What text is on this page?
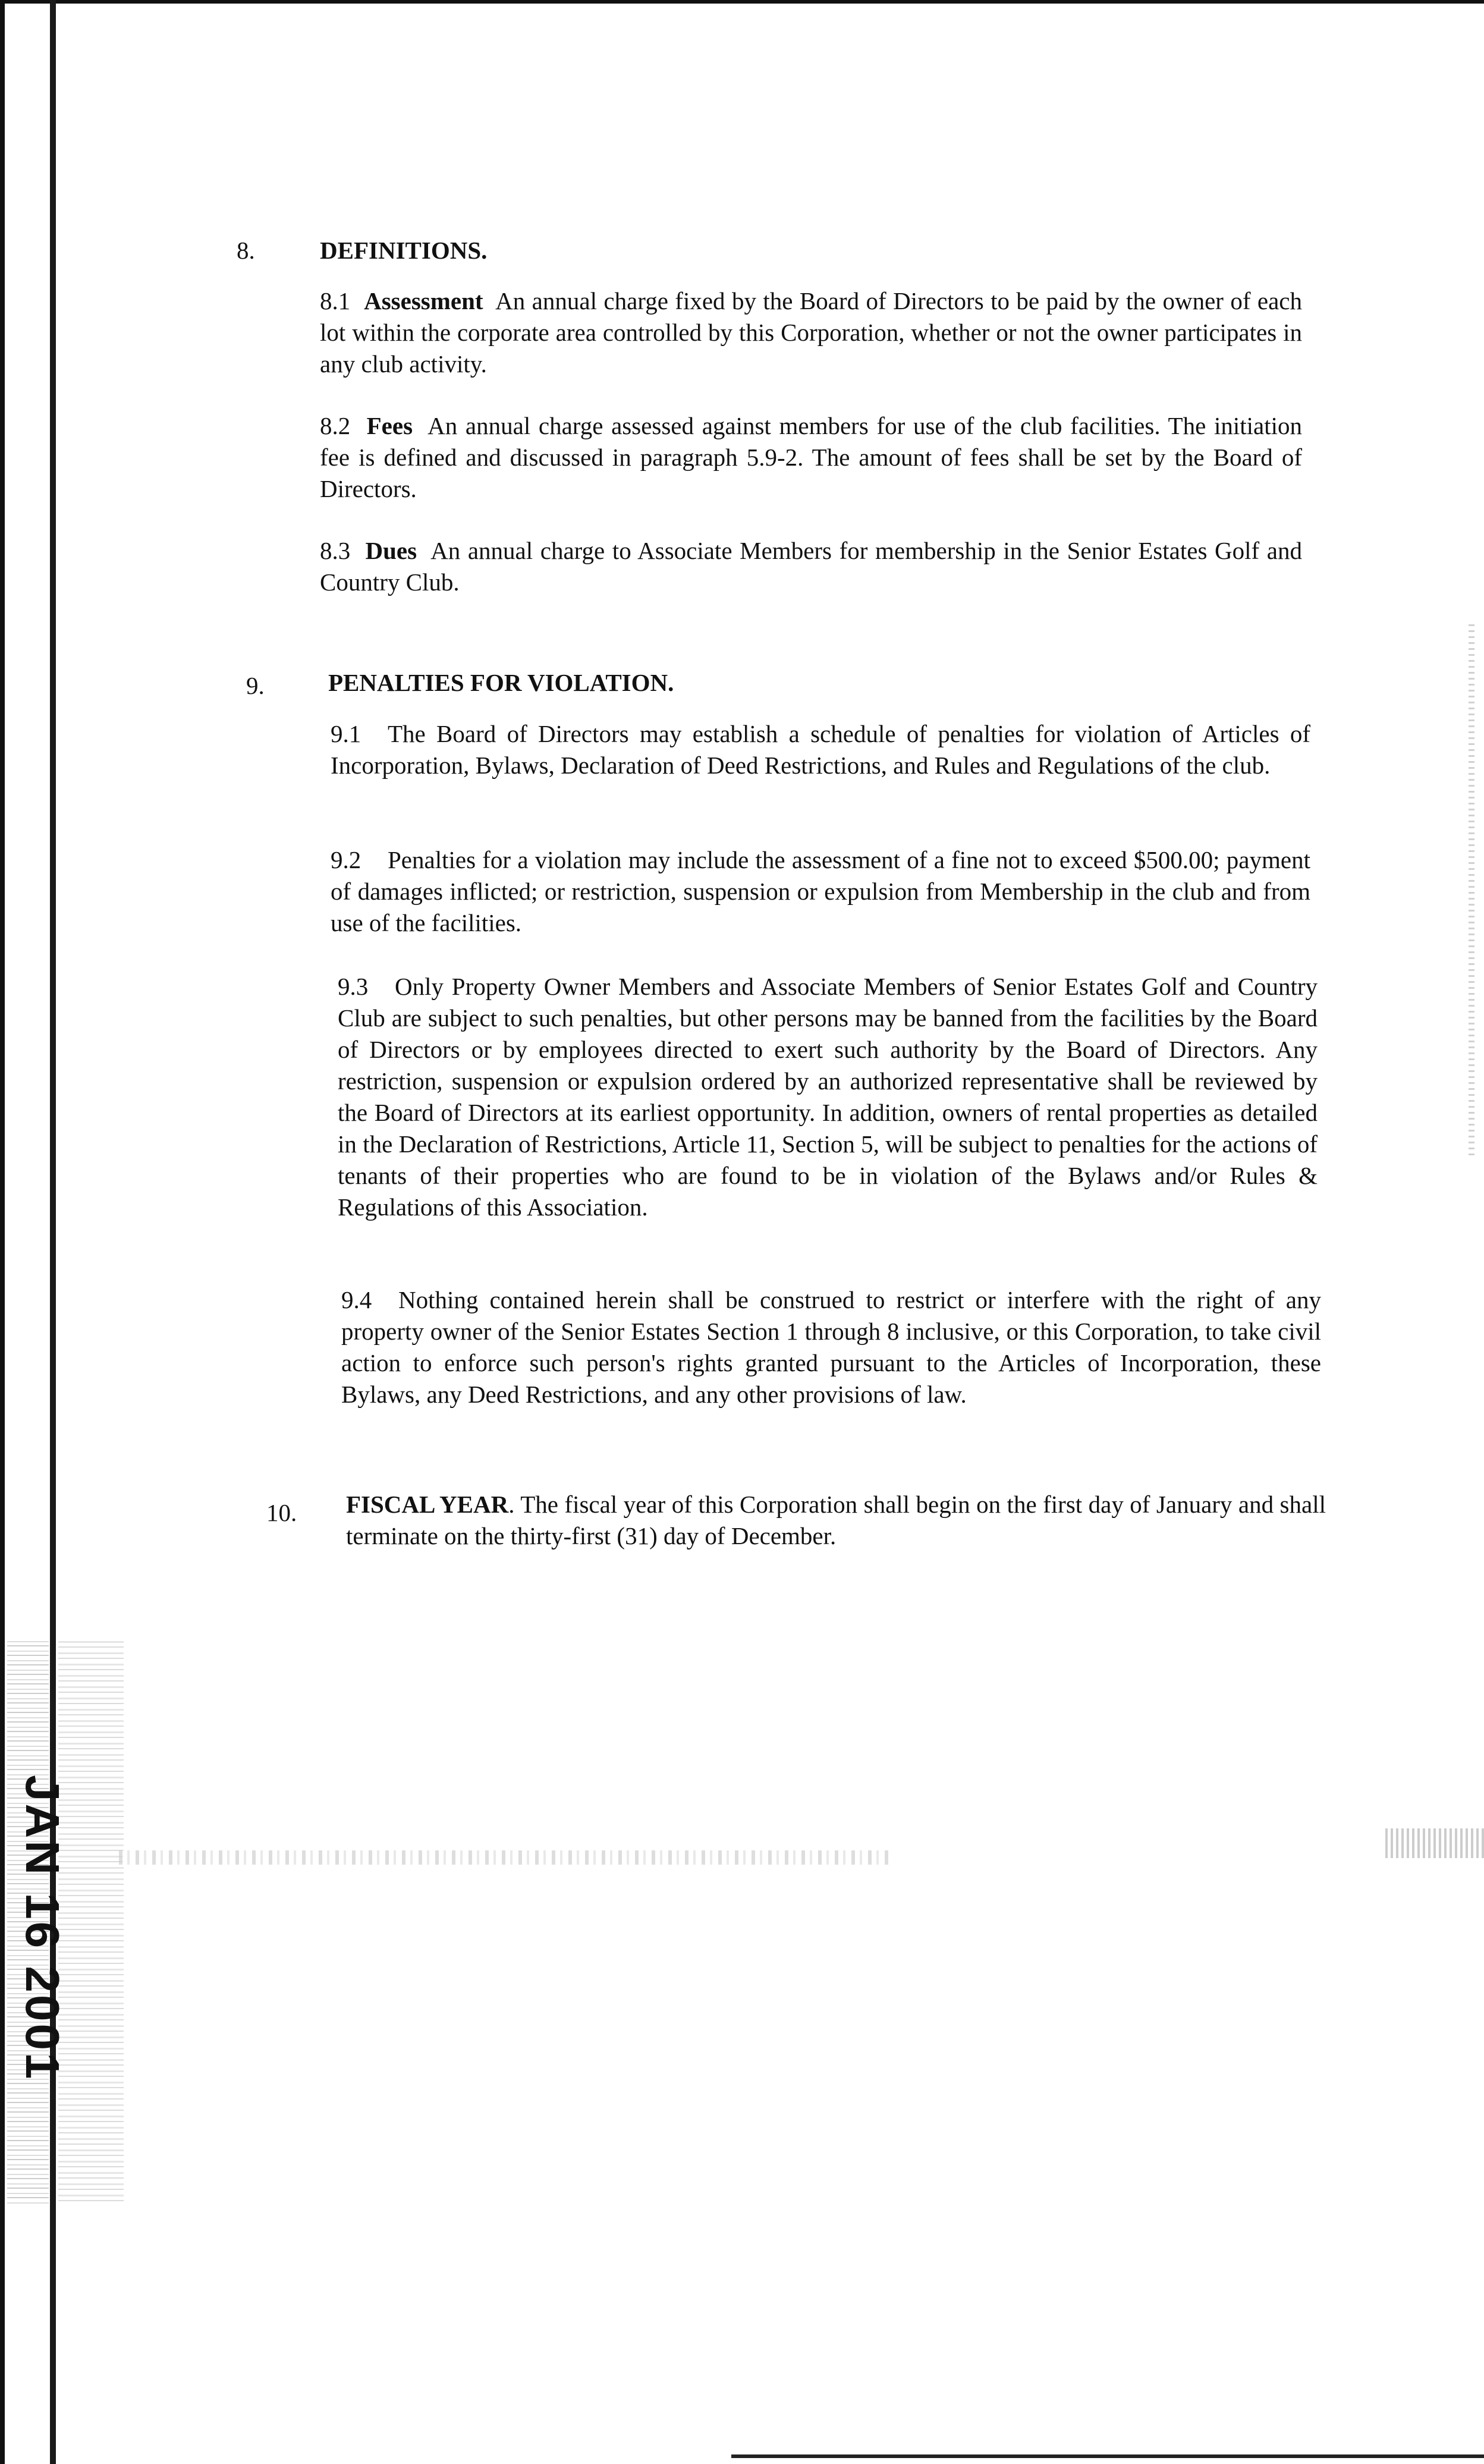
8.	DEFINITIONS.
8.1 Assessment An annual charge fixed by the Board of Directors to be paid by the owner of each lot within the corporate area controlled by this Corporation, whether or not the owner participates in any club activity.
8.2 Fees An annual charge assessed against members for use of the club facilities. The initiation fee is defined and discussed in paragraph 5.9-2. The amount of fees shall be set by the Board of Directors.
8.3 Dues An annual charge to Associate Members for membership in the Senior Estates Golf and Country Club.
9.	PENALTIES FOR VIOLATION.
9.1 The Board of Directors may establish a schedule of penalties for violation of Articles of Incorporation, Bylaws, Declaration of Deed Restrictions, and Rules and Regulations of the club.
9.2 Penalties for a violation may include the assessment of a fine not to exceed $500.00; payment of damages inflicted; or restriction, suspension or expulsion from Membership in the club and from use of the facilities.
9.3 Only Property Owner Members and Associate Members of Senior Estates Golf and Country Club are subject to such penalties, but other persons may be banned from the facilities by the Board of Directors or by employees directed to exert such authority by the Board of Directors. Any restriction, suspension or expulsion ordered by an authorized representative shall be reviewed by the Board of Directors at its earliest opportunity. In addition, owners of rental properties as detailed in the Declaration of Restrictions, Article 11, Section 5, will be subject to penalties for the actions of tenants of their properties who are found to be in violation of the Bylaws and/or Rules & Regulations of this Association.
9.4 Nothing contained herein shall be construed to restrict or interfere with the right of any property owner of the Senior Estates Section 1 through 8 inclusive, or this Corporation, to take civil action to enforce such person's rights granted pursuant to the Articles of Incorporation, these Bylaws, any Deed Restrictions, and any other provisions of law.
10. FISCAL YEAR. The fiscal year of this Corporation shall begin on the first day of January and shall terminate on the thirty-first (31) day of December.
JAN 16 2001
